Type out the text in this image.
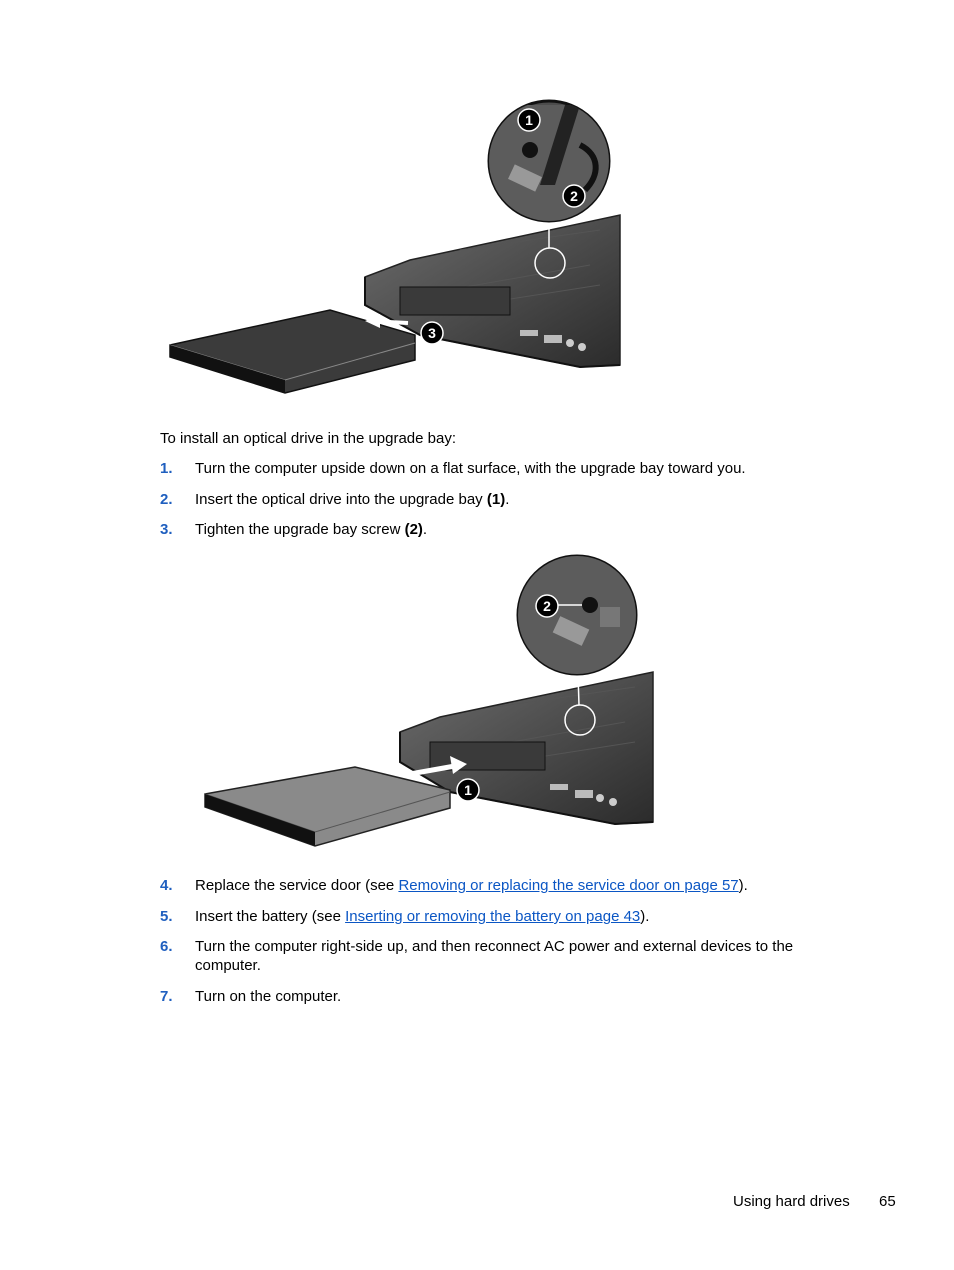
1
2
3
To install an optical drive in the upgrade bay:
1. Turn the computer upside down on a flat surface, with the upgrade bay toward you.
2. Insert the optical drive into the upgrade bay (1).
3. Tighten the upgrade bay screw (2).
2
1
4. Replace the service door (see Removing or replacing the service door on page 57).
5. Insert the battery (see Inserting or removing the battery on page 43).
6. Turn the computer right-side up, and then reconnect AC power and external devices to the
computer.
7. Turn on the computer.
Using hard drives 65
